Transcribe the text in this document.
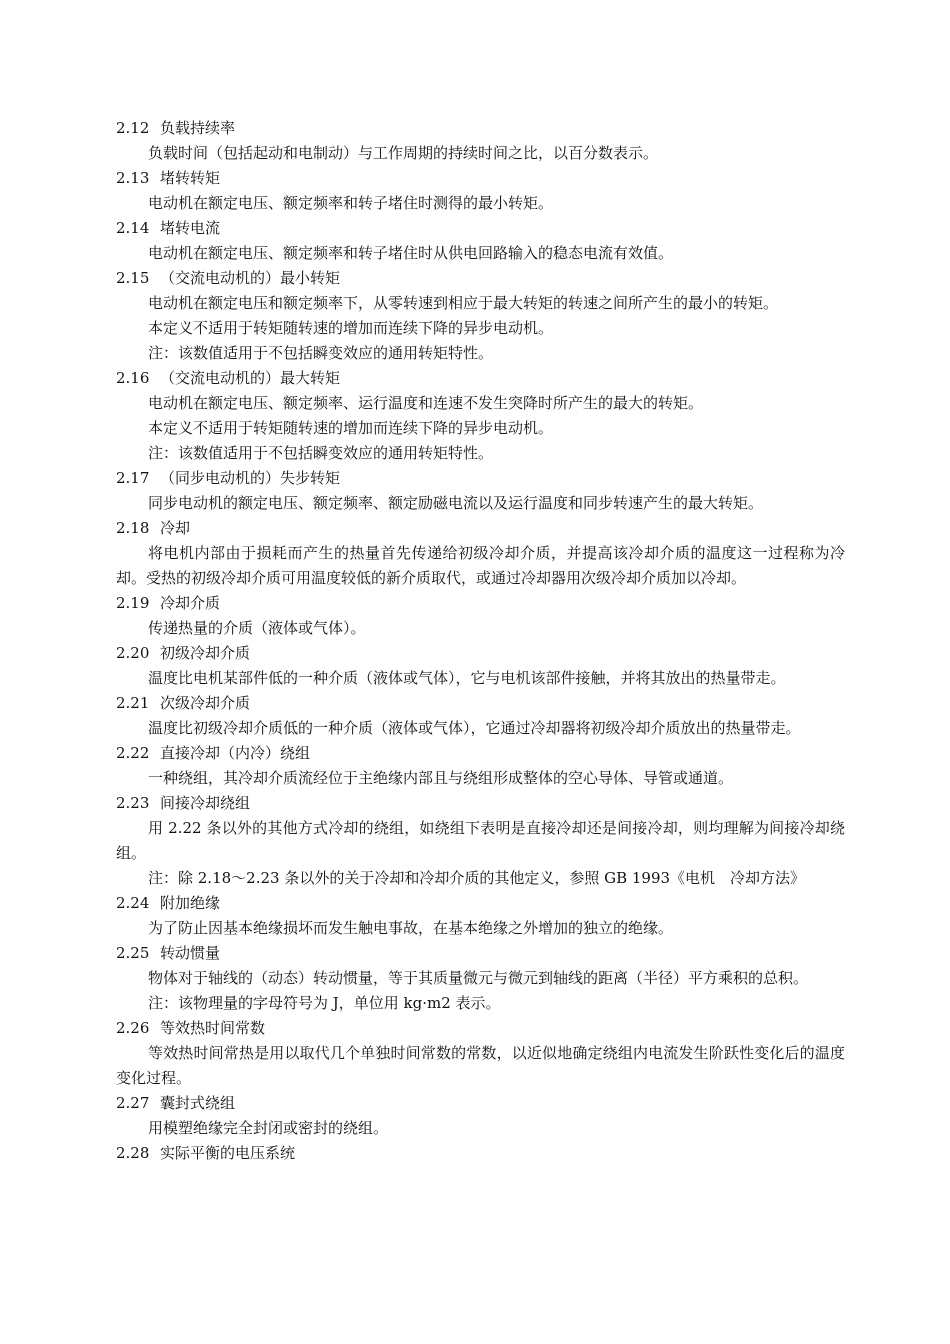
2.12 负载持续率
负载时间（包括起动和电制动）与工作周期的持续时间之比，以百分数表示。
2.13 堵转转矩
电动机在额定电压、额定频率和转子堵住时测得的最小转矩。
2.14 堵转电流
电动机在额定电压、额定频率和转子堵住时从供电回路输入的稳态电流有效值。
2.15 （交流电动机的）最小转矩
电动机在额定电压和额定频率下，从零转速到相应于最大转矩的转速之间所产生的最小的转矩。
本定义不适用于转矩随转速的增加而连续下降的异步电动机。
注：该数值适用于不包括瞬变效应的通用转矩特性。
2.16 （交流电动机的）最大转矩
电动机在额定电压、额定频率、运行温度和连速不发生突降时所产生的最大的转矩。
本定义不适用于转矩随转速的增加而连续下降的异步电动机。
注：该数值适用于不包括瞬变效应的通用转矩特性。
2.17 （同步电动机的）失步转矩
同步电动机的额定电压、额定频率、额定励磁电流以及运行温度和同步转速产生的最大转矩。
2.18 冷却
将电机内部由于损耗而产生的热量首先传递给初级冷却介质，并提高该冷却介质的温度这一过程称为冷却。受热的初级冷却介质可用温度较低的新介质取代，或通过冷却器用次级冷却介质加以冷却。
2.19 冷却介质
传递热量的介质（液体或气体）。
2.20 初级冷却介质
温度比电机某部件低的一种介质（液体或气体），它与电机该部件接触，并将其放出的热量带走。
2.21 次级冷却介质
温度比初级冷却介质低的一种介质（液体或气体），它通过冷却器将初级冷却介质放出的热量带走。
2.22 直接冷却（内冷）绕组
一种绕组，其冷却介质流经位于主绝缘内部且与绕组形成整体的空心导体、导管或通道。
2.23 间接冷却绕组
用 2.22 条以外的其他方式冷却的绕组，如绕组下表明是直接冷却还是间接冷却，则均理解为间接冷却绕组。
注：除 2.18～2.23 条以外的关于冷却和冷却介质的其他定义，参照 GB 1993《电机　冷却方法》
2.24 附加绝缘
为了防止因基本绝缘损坏而发生触电事故，在基本绝缘之外增加的独立的绝缘。
2.25 转动惯量
物体对于轴线的（动态）转动惯量，等于其质量微元与微元到轴线的距离（半径）平方乘积的总积。
注：该物理量的字母符号为 J，单位用 kg·m2 表示。
2.26 等效热时间常数
等效热时间常热是用以取代几个单独时间常数的常数，以近似地确定绕组内电流发生阶跃性变化后的温度变化过程。
2.27 囊封式绕组
用模塑绝缘完全封闭或密封的绕组。
2.28 实际平衡的电压系统
